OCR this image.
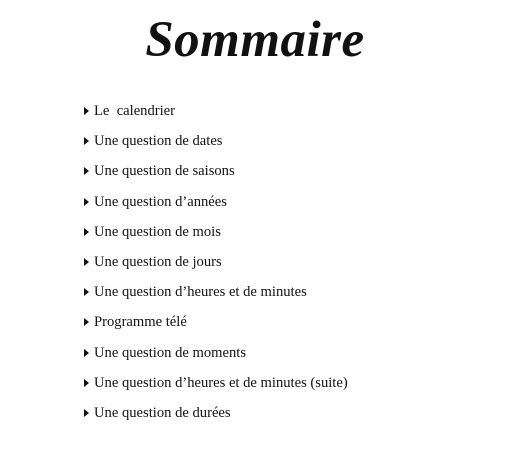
Sommaire
Le  calendrier
Une question de dates
Une question de saisons
Une question d’années
Une question de mois
Une question de jours
Une question d’heures et de minutes
Programme télé
Une question de moments
Une question d’heures et de minutes (suite)
Une question de durées
